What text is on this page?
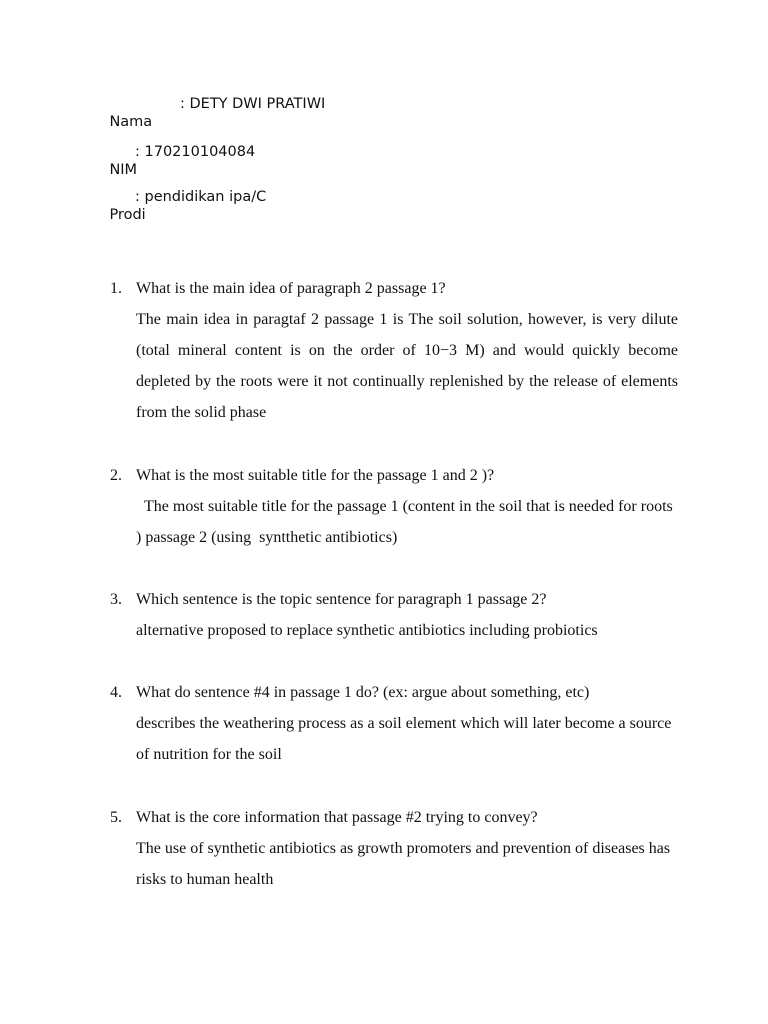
Nama

: DETY DWI PRATIWI

NIM

: 170210104084

Prodi

: pendidikan ipa/C

1. What is the main idea of paragraph 2 passage 1?
The main idea in paragtaf 2 passage 1 is The soil solution, however, is very dilute (total mineral content is on the order of 10−3 M) and would quickly become depleted by the roots were it not continually replenished by the release of elements from the solid phase
2. What is the most suitable title for the passage 1 and 2 )?
The most suitable title for the passage 1 (content in the soil that is needed for roots ) passage 2 (using  syntthetic antibiotics)
3. Which sentence is the topic sentence for paragraph 1 passage 2?
alternative proposed to replace synthetic antibiotics including probiotics
4. What do sentence #4 in passage 1 do? (ex: argue about something, etc)
describes the weathering process as a soil element which will later become a source of nutrition for the soil
5. What is the core information that passage #2 trying to convey?
The use of synthetic antibiotics as growth promoters and prevention of diseases has risks to human health
